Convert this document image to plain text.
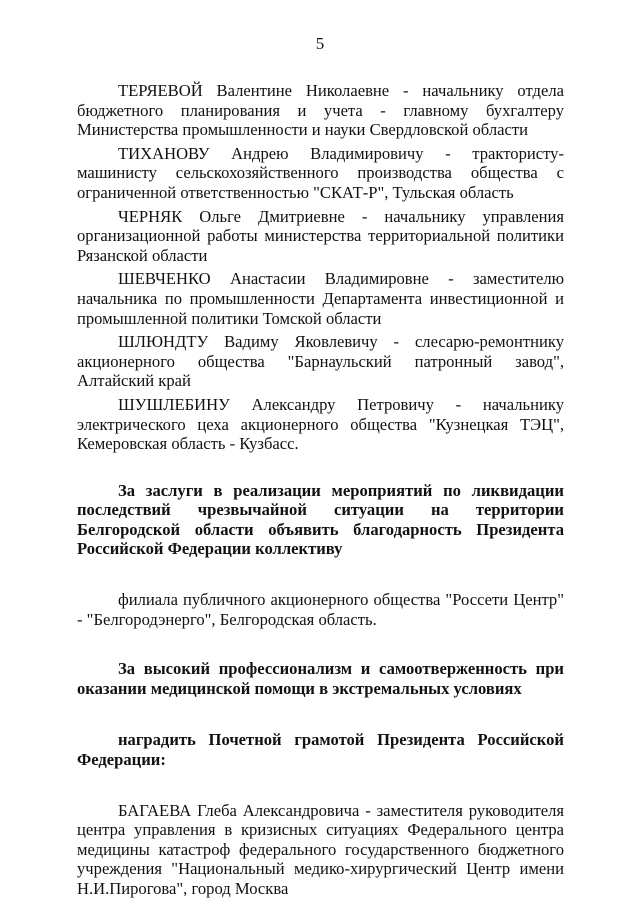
5

ТЕРЯЕВОЙ Валентине Николаевне - начальнику отдела бюджетного планирования и учета - главному бухгалтеру Министерства промышленности и науки Свердловской области

ТИХАНОВУ Андрею Владимировичу - трактористу-машинисту сельскохозяйственного производства общества с ограниченной ответственностью "СКАТ-Р", Тульская область

ЧЕРНЯК Ольге Дмитриевне - начальнику управления организационной работы министерства территориальной политики Рязанской области

ШЕВЧЕНКО Анастасии Владимировне - заместителю начальника по промышленности Департамента инвестиционной и промышленной политики Томской области

ШЛЮНДТУ Вадиму Яковлевичу - слесарю-ремонтнику акционерного общества "Барнаульский патронный завод", Алтайский край

ШУШЛЕБИНУ Александру Петровичу - начальнику электрического цеха акционерного общества "Кузнецкая ТЭЦ", Кемеровская область - Кузбасс.

За заслуги в реализации мероприятий по ликвидации последствий чрезвычайной ситуации на территории Белгородской области объявить благодарность Президента Российской Федерации коллективу

филиала публичного акционерного общества "Россети Центр" - "Белгородэнерго", Белгородская область.

За высокий профессионализм и самоотверженность при оказании медицинской помощи в экстремальных условиях

наградить Почетной грамотой Президента Российской Федерации:

БАГАЕВА Глеба Александровича - заместителя руководителя центра управления в кризисных ситуациях Федерального центра медицины катастроф федерального государственного бюджетного учреждения "Национальный медико-хирургический Центр имени Н.И.Пирогова", город Москва
